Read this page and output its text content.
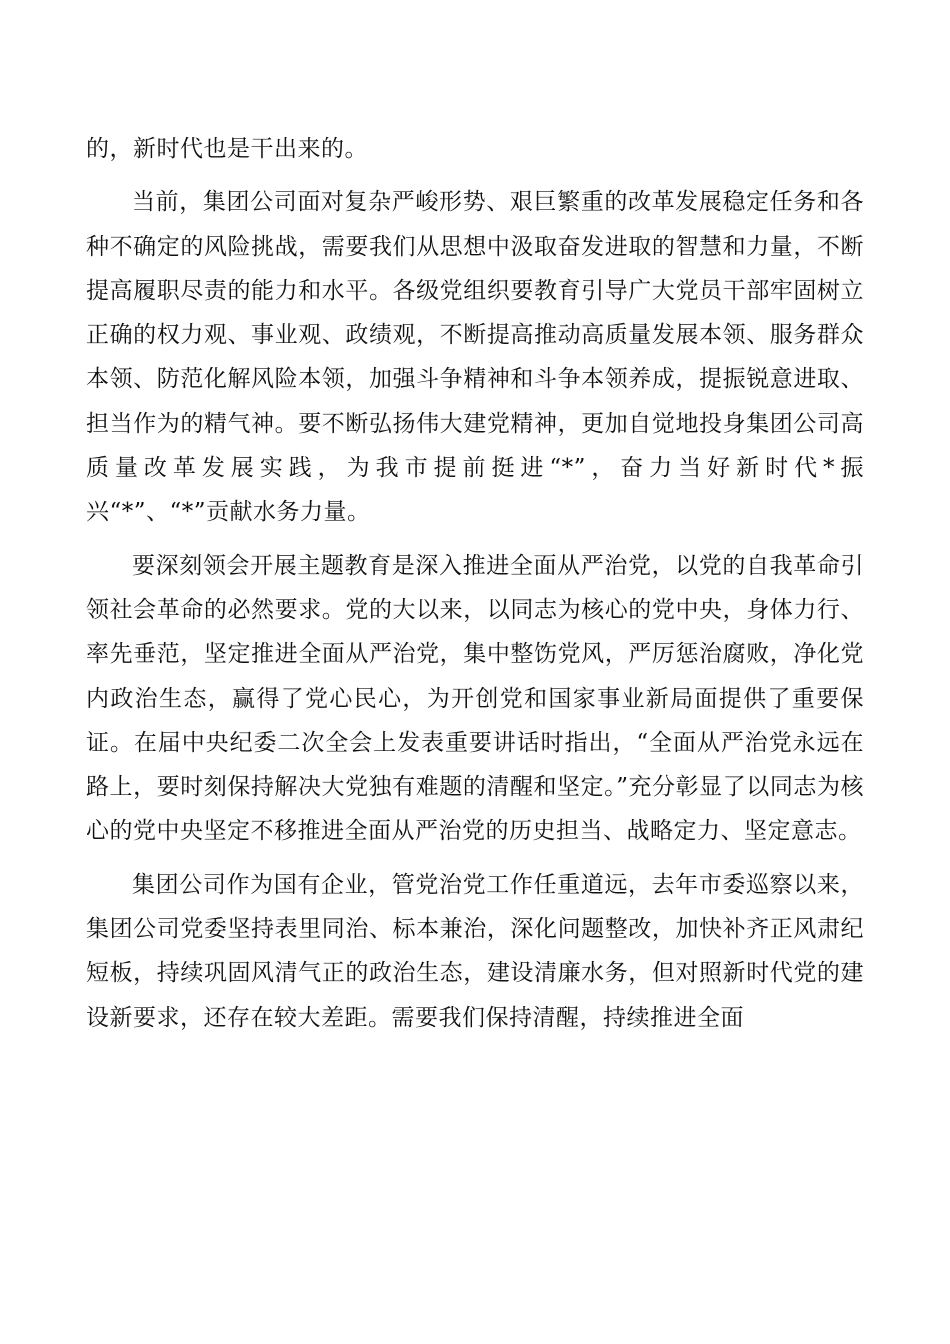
的，新时代也是干出来的。

当前，集团公司面对复杂严峻形势、艰巨繁重的改革发展稳定任务和各种不确定的风险挑战，需要我们从思想中汲取奋发进取的智慧和力量，不断提高履职尽责的能力和水平。各级党组织要教育引导广大党员干部牢固树立正确的权力观、事业观、政绩观，不断提高推动高质量发展本领、服务群众本领、防范化解风险本领，加强斗争精神和斗争本领养成，提振锐意进取、担当作为的精气神。要不断弘扬伟大建党精神，更加自觉地投身集团公司高质量改革发展实践，为我市提前挺进“*”，奋力当好新时代*振兴“*”、“*”贡献水务力量。

要深刻领会开展主题教育是深入推进全面从严治党，以党的自我革命引领社会革命的必然要求。党的大以来，以同志为核心的党中央，身体力行、率先垂范，坚定推进全面从严治党，集中整饬党风，严厉惩治腐败，净化党内政治生态，赢得了党心民心，为开创党和国家事业新局面提供了重要保证。在届中央纪委二次全会上发表重要讲话时指出，“全面从严治党永远在路上，要时刻保持解决大党独有难题的清醒和坚定。”充分彰显了以同志为核心的党中央坚定不移推进全面从严治党的历史担当、战略定力、坚定意志。

集团公司作为国有企业，管党治党工作任重道远，去年市委巡察以来，集团公司党委坚持表里同治、标本兼治，深化问题整改，加快补齐正风肃纪短板，持续巩固风清气正的政治生态，建设清廉水务，但对照新时代党的建设新要求，还存在较大差距。需要我们保持清醒，持续推进全面
